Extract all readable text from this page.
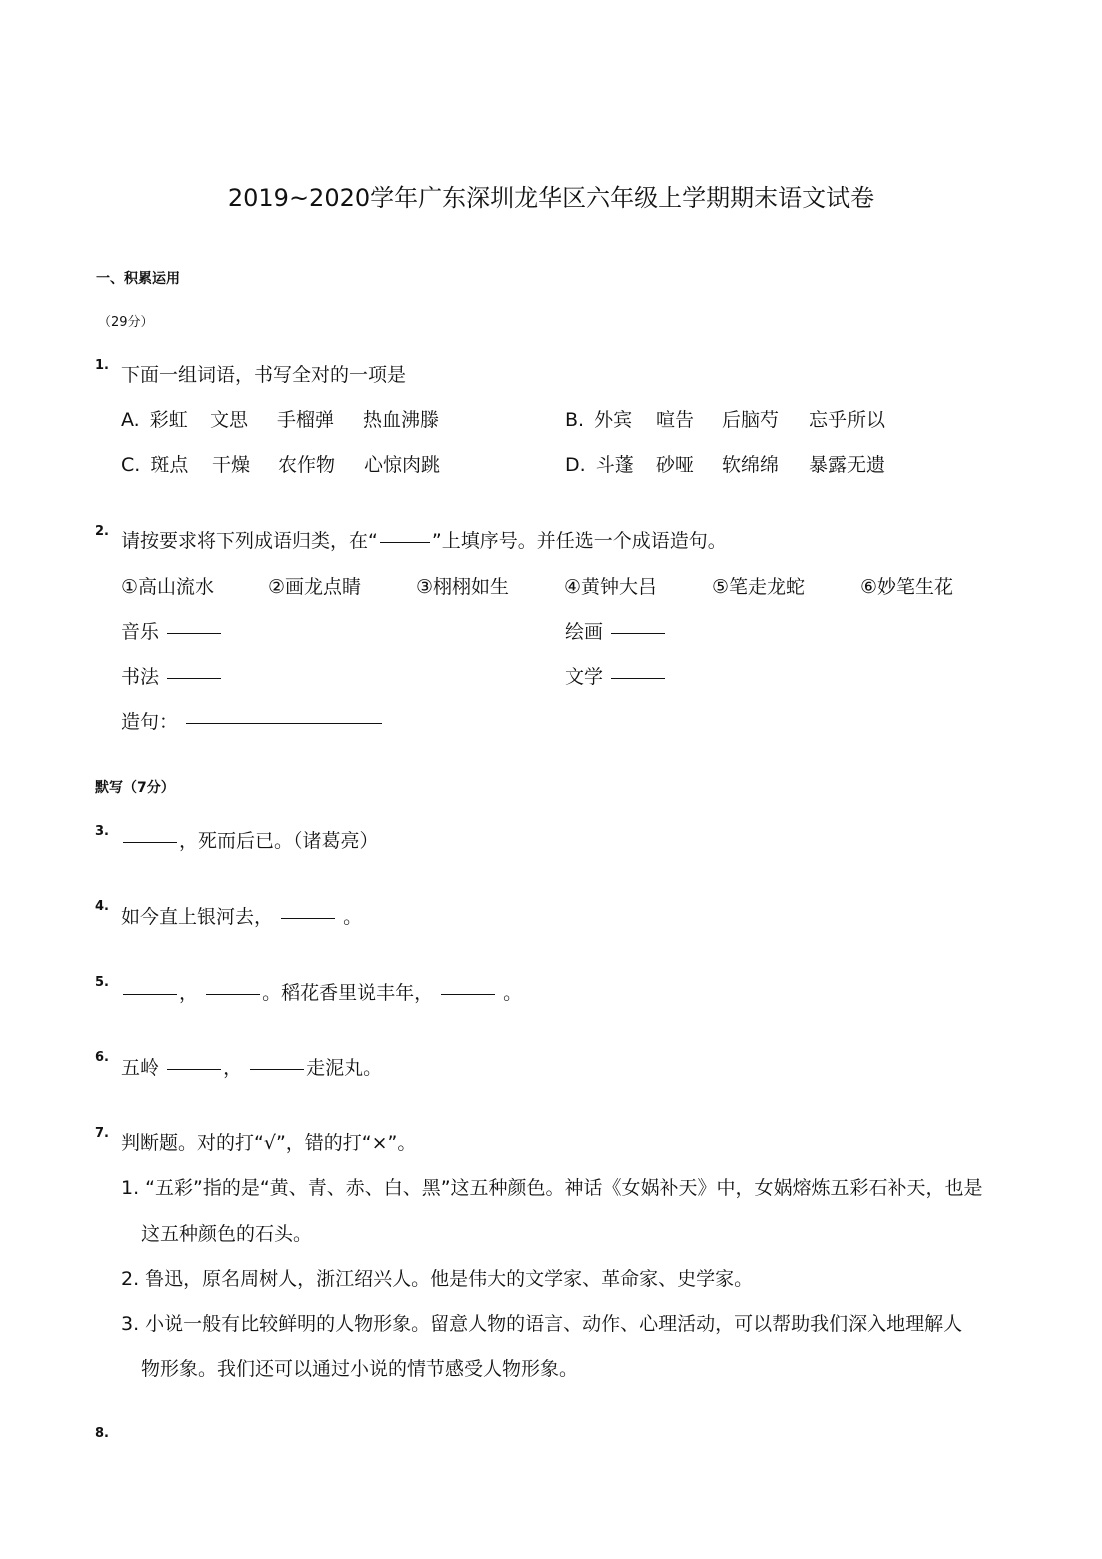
2019~2020学年广东深圳龙华区六年级上学期期末语文试卷
一、积累运用
（29分）
1. 下面一组词语，书写全对的一项是
A. 彩虹 文思 手榴弹 热血沸滕	B. 外宾 喧告 后脑芍 忘乎所以
C. 斑点 干燥 农作物 心惊肉跳	D. 斗蓬 砂哑 软绵绵 暴露无遗
2. 请按要求将下列成语归类，在“	”上填序号。并任选一个成语造句。
①高山流水	②画龙点睛	③栩栩如生	④黄钟大吕	⑤笔走龙蛇	⑥妙笔生花
音乐	绘画
书法	文学
造句：
默写（7分）
3.	，死而后已。（诸葛亮）
4. 如今直上银河去，	。
5.	，	。稻花香里说丰年，	。
6. 五岭	，	走泥丸。
7. 判断题。对的打“√”，错的打“×”。
1. “五彩”指的是“黄、青、赤、白、黑”这五种颜色。神话《女娲补天》中，女娲熔炼五彩石补天，也是
这五种颜色的石头。
2. 鲁迅，原名周树人，浙江绍兴人。他是伟大的文学家、革命家、史学家。
3. 小说一般有比较鲜明的人物形象。留意人物的语言、动作、心理活动，可以帮助我们深入地理解人
物形象。我们还可以通过小说的情节感受人物形象。
8.
